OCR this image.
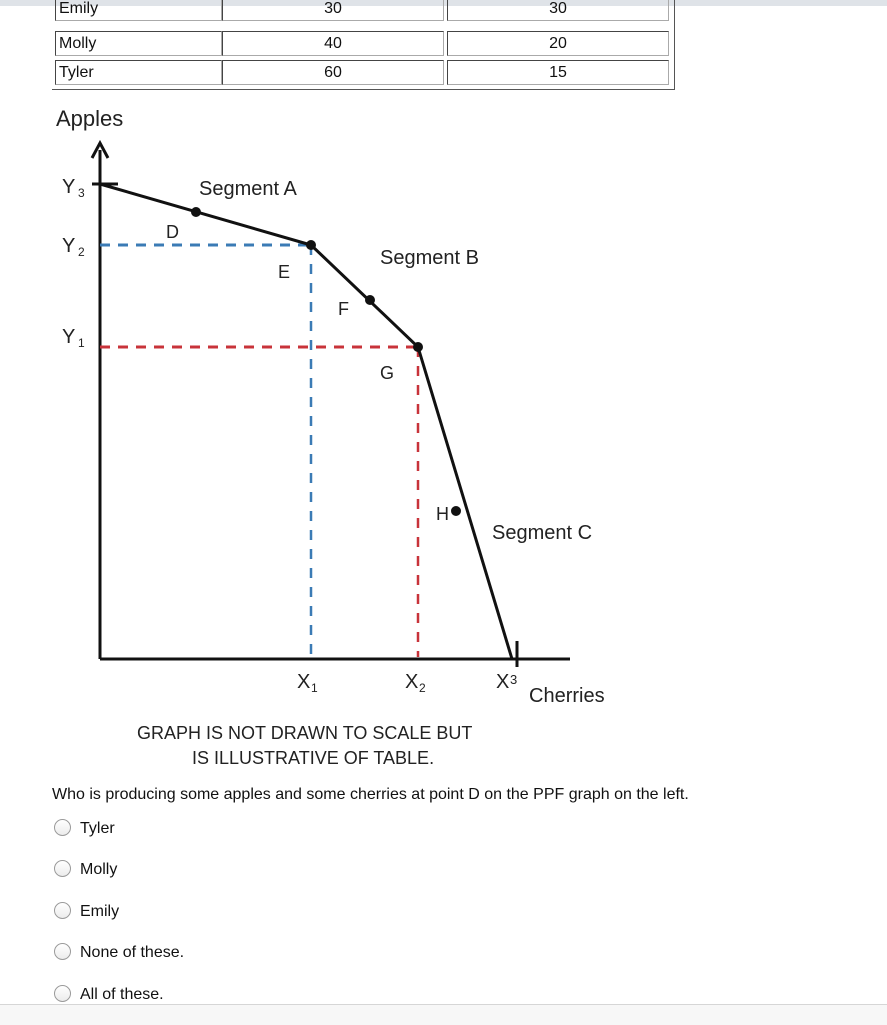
Emily	30	30
Molly	40	20
Tyler	60	15
Apples
Cherries
Y 3
Y 2
Y 1
X 1	X 2	X 3
Segment A
Segment B
Segment C
D
E
F
G
H
GRAPH IS NOT DRAWN TO SCALE BUT
IS ILLUSTRATIVE OF TABLE.
Who is producing some apples and some cherries at point D on the PPF graph on the left.
Tyler
Molly
Emily
None of these.
All of these.
